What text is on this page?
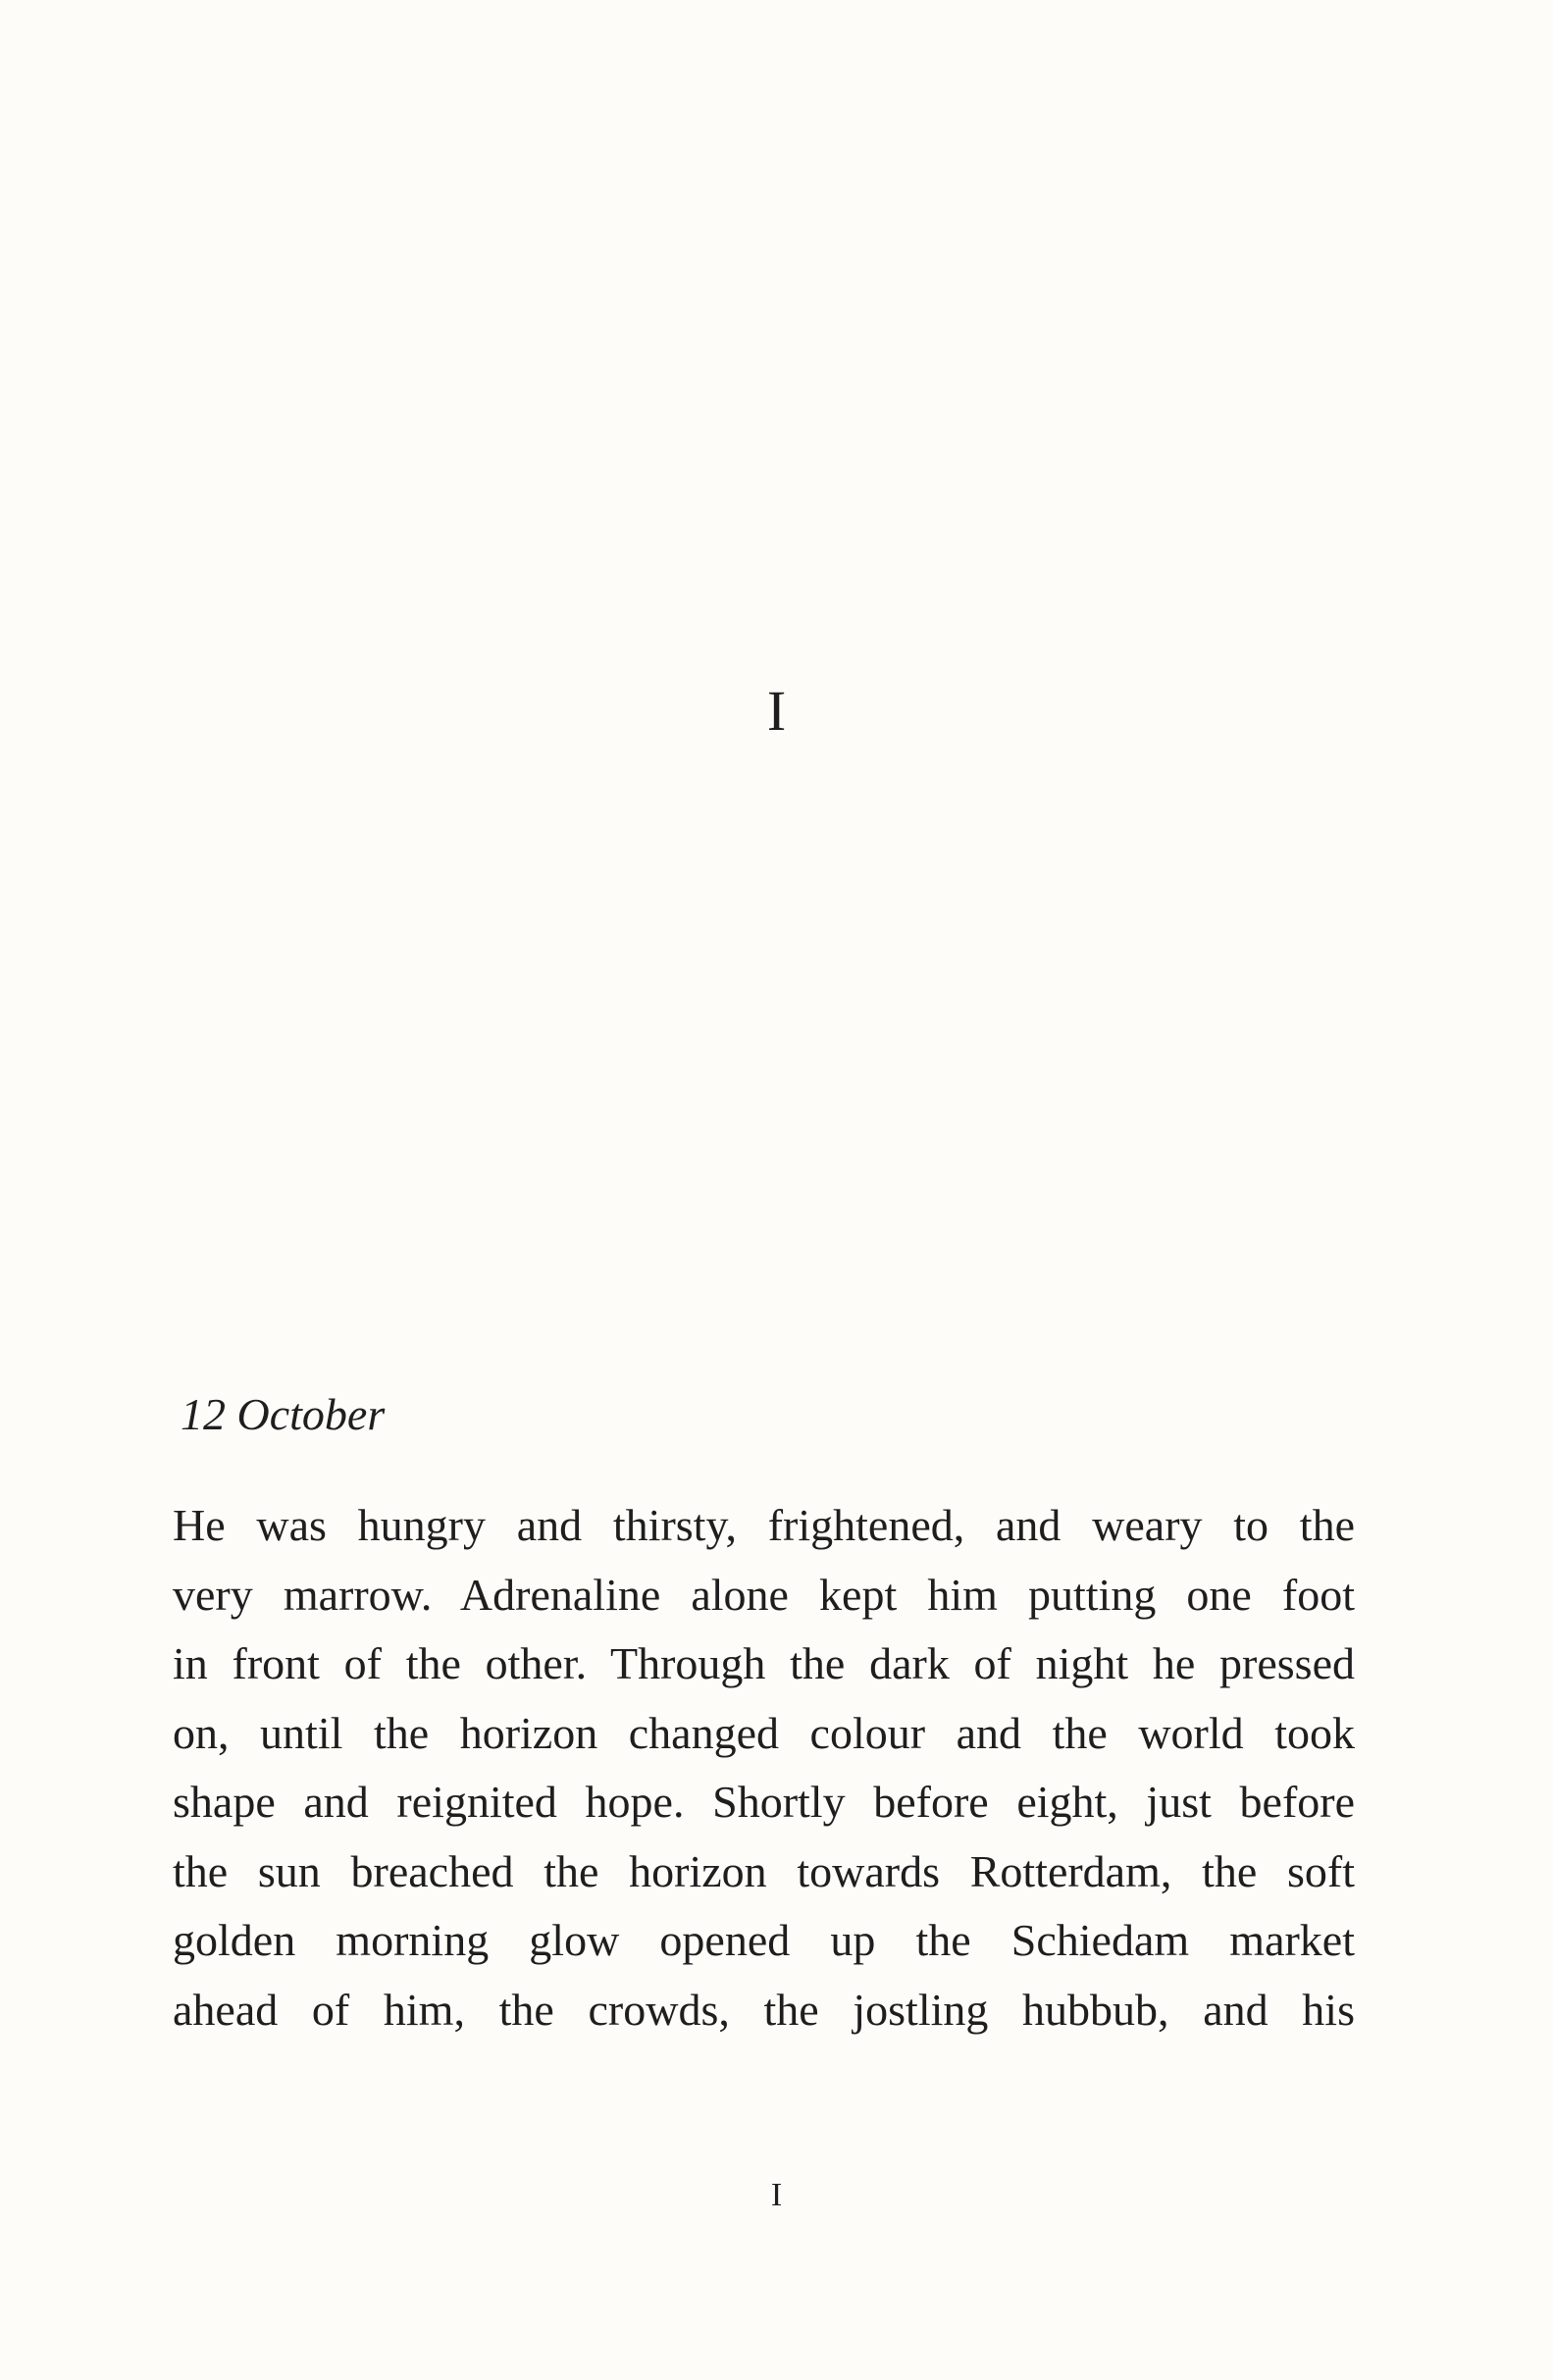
I
12 October
He was hungry and thirsty, frightened, and weary to the
very marrow. Adrenaline alone kept him putting one foot
in front of the other. Through the dark of night he pressed
on, until the horizon changed colour and the world took
shape and reignited hope. Shortly before eight, just before
the sun breached the horizon towards Rotterdam, the soft
golden morning glow opened up the Schiedam market
ahead of him, the crowds, the jostling hubbub, and his
I
